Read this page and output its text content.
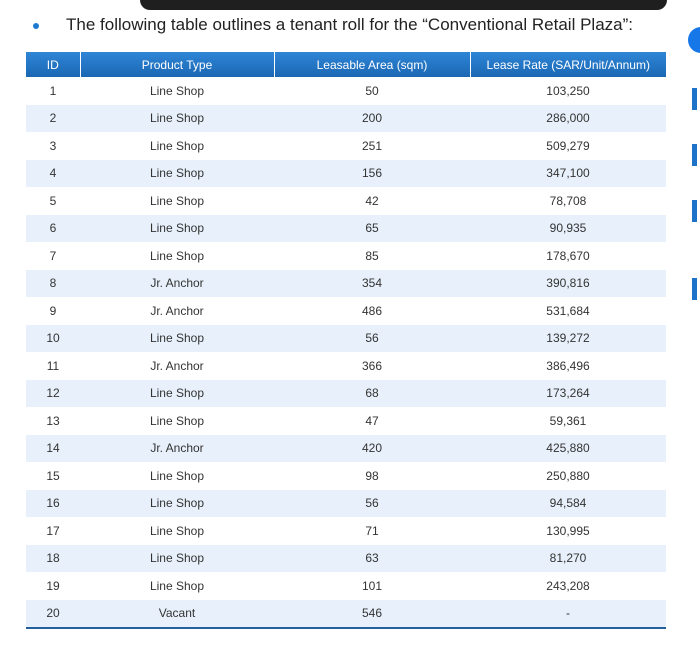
The following table outlines a tenant roll for the “Conventional Retail Plaza”:
ID	Product Type	Leasable Area (sqm)	Lease Rate (SAR/Unit/Annum)
1	Line Shop	50	103,250
2	Line Shop	200	286,000
3	Line Shop	251	509,279
4	Line Shop	156	347,100
5	Line Shop	42	78,708
6	Line Shop	65	90,935
7	Line Shop	85	178,670
8	Jr. Anchor	354	390,816
9	Jr. Anchor	486	531,684
10	Line Shop	56	139,272
11	Jr. Anchor	366	386,496
12	Line Shop	68	173,264
13	Line Shop	47	59,361
14	Jr. Anchor	420	425,880
15	Line Shop	98	250,880
16	Line Shop	56	94,584
17	Line Shop	71	130,995
18	Line Shop	63	81,270
19	Line Shop	101	243,208
20	Vacant	546	-
